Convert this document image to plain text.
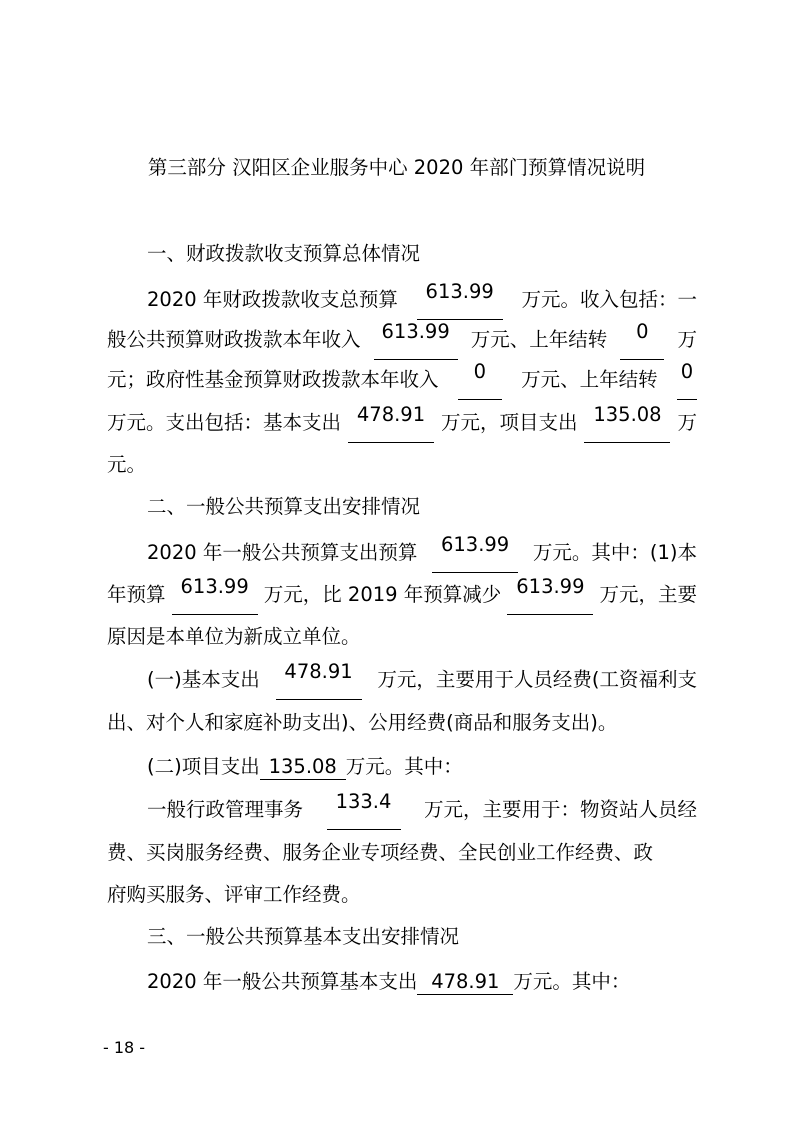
第三部分 汉阳区企业服务中心 2020 年部门预算情况说明
一、财政拨款收支预算总体情况
2020 年财政拨款收支总预算	613.99	万元。收入包括：一
般公共预算财政拨款本年收入	613.99	万元、上年结转	0	万
元；政府性基金预算财政拨款本年收入	0	万元、上年结转 0
万元。支出包括：基本支出 478.91 万元，项目支出 135.08 万
元。
二、一般公共预算支出安排情况
2020 年一般公共预算支出预算	613.99	万元。其中：(1)本
年预算 613.99 万元，比 2019 年预算减少 613.99 万元，主要
原因是本单位为新成立单位。
(一)基本支出	478.91	万元，主要用于人员经费(工资福利支
出、对个人和家庭补助支出)、公用经费(商品和服务支出)。
(二)项目支出 135.08 万元。其中：
一般行政管理事务	133.4	万元，主要用于：物资站人员经
费、买岗服务经费、服务企业专项经费、全民创业工作经费、政
府购买服务、评审工作经费。
三、一般公共预算基本支出安排情况
2020 年一般公共预算基本支出 478.91 万元。其中：
- 18 -
